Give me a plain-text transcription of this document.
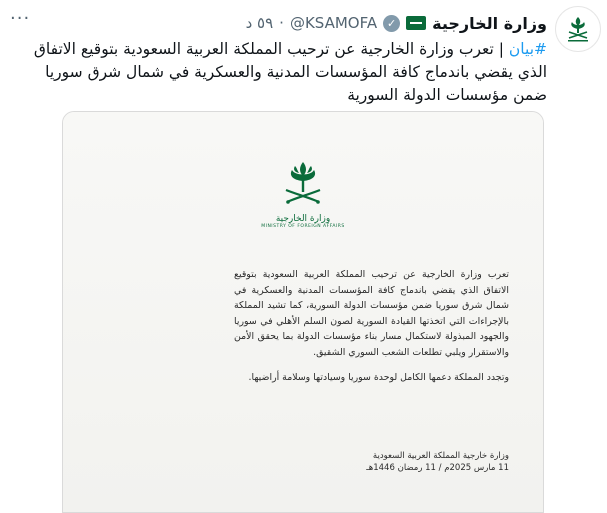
وزارة الخارجية
✓
@KSAMOFA
·
٥٩ د
···
#بيان | تعرب وزارة الخارجية عن ترحيب المملكة العربية السعودية بتوقيع الاتفاق الذي يقضي باندماج كافة المؤسسات المدنية والعسكرية في شمال شرق سوريا ضمن مؤسسات الدولة السورية
وزارة الخارجية
MINISTRY OF FOREIGN AFFAIRS

تعرب وزارة الخارجية عن ترحيب المملكة العربية السعودية بتوقيع الاتفاق الذي يقضي باندماج كافة المؤسسات المدنية والعسكرية في شمال شرق سوريا ضمن مؤسسات الدولة السورية، كما تشيد المملكة بالإجراءات التي اتخذتها القيادة السورية لصون السلم الأهلي في سوريا والجهود المبذولة لاستكمال مسار بناء مؤسسات الدولة بما يحقق الأمن والاستقرار ويلبي تطلعات الشعب السوري الشقيق.

وتجدد المملكة دعمها الكامل لوحدة سوريا وسيادتها وسلامة أراضيها.

وزارة خارجية المملكة العربية السعودية
11 مارس 2025م / 11 رمضان 1446هـ
